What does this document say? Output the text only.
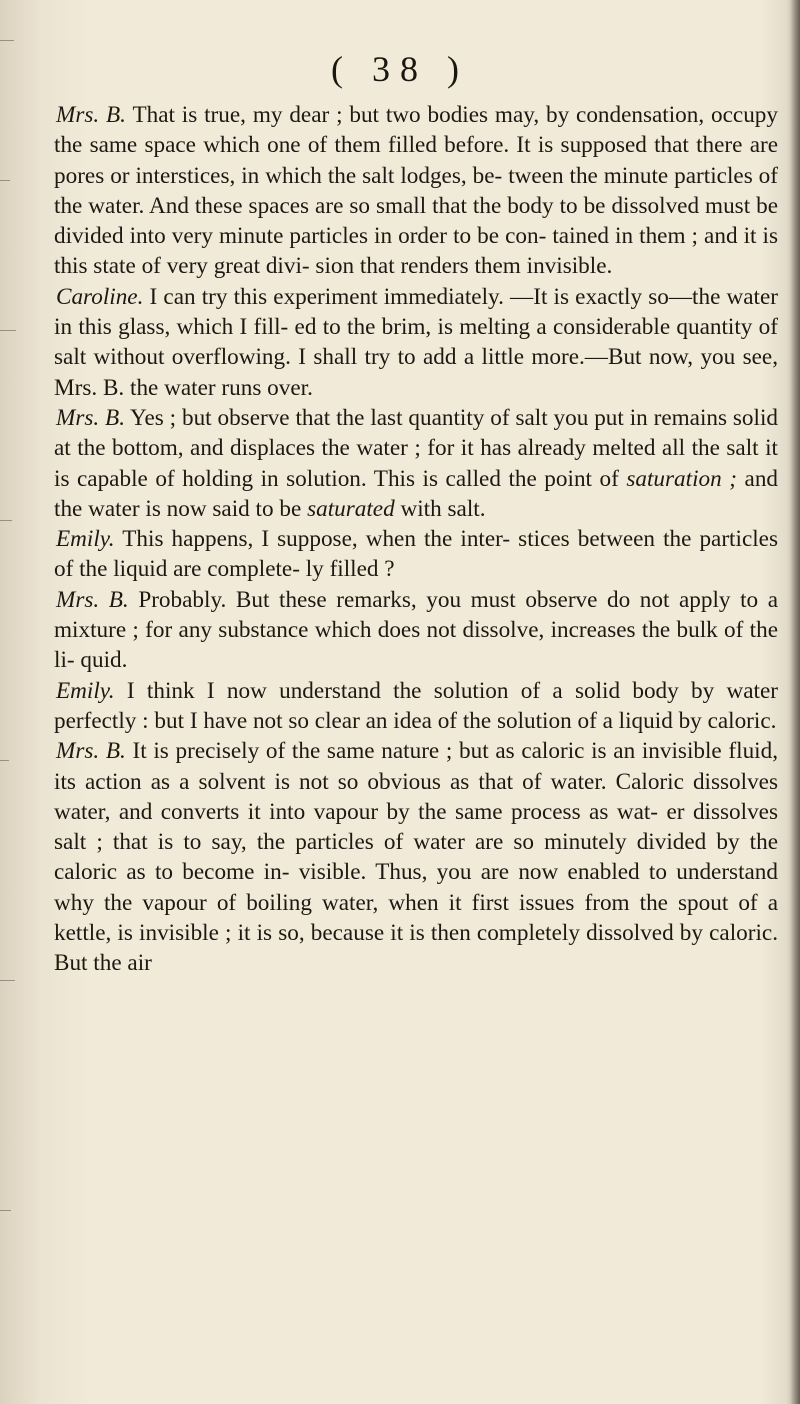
( 38 )

Mrs. B. That is true, my dear ; but two bodies may, by condensation, occupy the same space which one of them filled before. It is supposed that there are pores or interstices, in which the salt lodges, be- tween the minute particles of the water. And these spaces are so small that the body to be dissolved must be divided into very minute particles in order to be con- tained in them ; and it is this state of very great divi- sion that renders them invisible.

Caroline. I can try this experiment immediately. —It is exactly so—the water in this glass, which I fill- ed to the brim, is melting a considerable quantity of salt without overflowing. I shall try to add a little more.—But now, you see, Mrs. B. the water runs over.

Mrs. B. Yes ; but observe that the last quantity of salt you put in remains solid at the bottom, and displaces the water ; for it has already melted all the salt it is capable of holding in solution. This is called the point of saturation ; and the water is now said to be saturated with salt.

Emily. This happens, I suppose, when the inter- stices between the particles of the liquid are complete- ly filled ?

Mrs. B. Probably. But these remarks, you must observe do not apply to a mixture ; for any substance which does not dissolve, increases the bulk of the li- quid.

Emily. I think I now understand the solution of a solid body by water perfectly : but I have not so clear an idea of the solution of a liquid by caloric.

Mrs. B. It is precisely of the same nature ; but as caloric is an invisible fluid, its action as a solvent is not so obvious as that of water. Caloric dissolves water, and converts it into vapour by the same process as wat- er dissolves salt ; that is to say, the particles of water are so minutely divided by the caloric as to become in- visible. Thus, you are now enabled to understand why the vapour of boiling water, when it first issues from the spout of a kettle, is invisible ; it is so, because it is then completely dissolved by caloric. But the air
